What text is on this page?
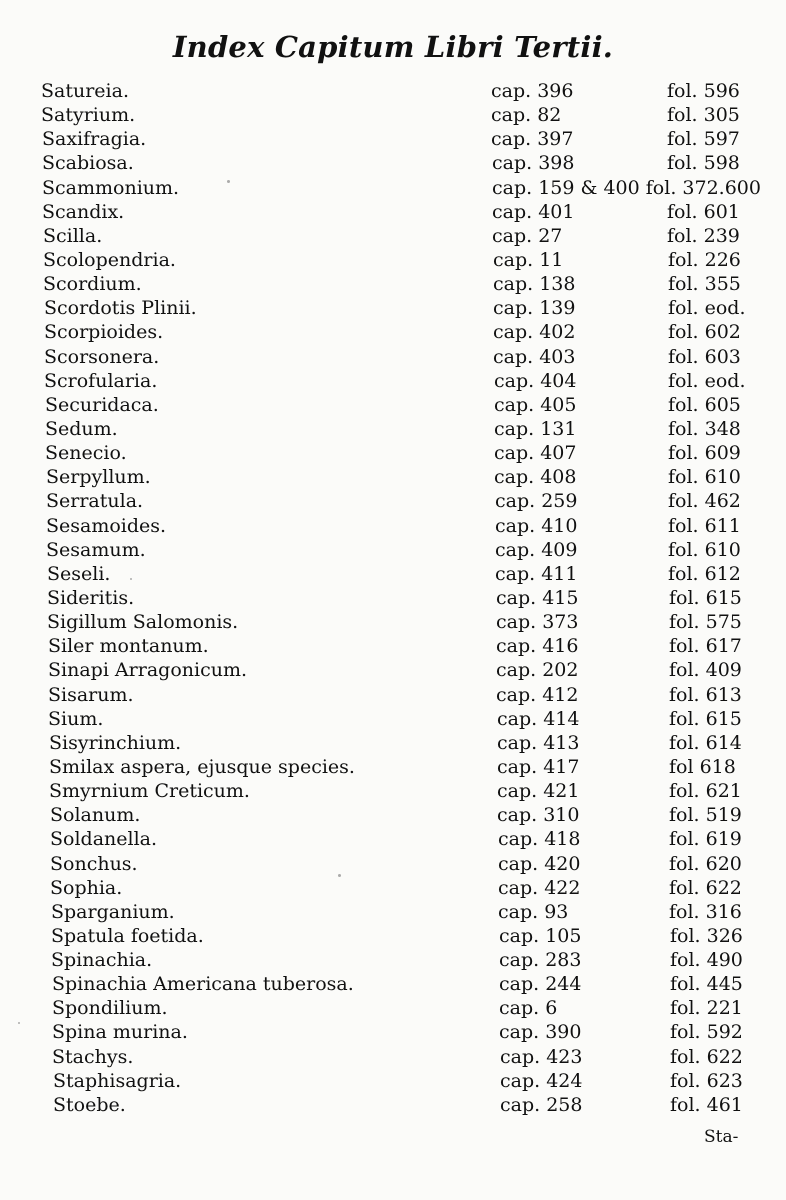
Index Capitum Libri Tertii.
Satureia.	cap. 396	fol. 596
Satyrium.	cap. 82	fol. 305
Saxifragia.	cap. 397	fol. 597
Scabiosa.	cap. 398	fol. 598
Scammonium.	cap. 159 & 400 fol. 372.600
Scandix.	cap. 401	fol. 601
Scilla.	cap. 27	fol. 239
Scolopendria.	cap. 11	fol. 226
Scordium.	cap. 138	fol. 355
Scordotis Plinii.	cap. 139	fol. eod.
Scorpioides.	cap. 402	fol. 602
Scorsonera.	cap. 403	fol. 603
Scrofularia.	cap. 404	fol. eod.
Securidaca.	cap. 405	fol. 605
Sedum.	cap. 131	fol. 348
Senecio.	cap. 407	fol. 609
Serpyllum.	cap. 408	fol. 610
Serratula.	cap. 259	fol. 462
Sesamoides.	cap. 410	fol. 611
Sesamum.	cap. 409	fol. 610
Seseli.	cap. 411	fol. 612
Sideritis.	cap. 415	fol. 615
Sigillum Salomonis.	cap. 373	fol. 575
Siler montanum.	cap. 416	fol. 617
Sinapi Arragonicum.	cap. 202	fol. 409
Sisarum.	cap. 412	fol. 613
Sium.	cap. 414	fol. 615
Sisyrinchium.	cap. 413	fol. 614
Smilax aspera, ejusque species.	cap. 417	fol 618
Smyrnium Creticum.	cap. 421	fol. 621
Solanum.	cap. 310	fol. 519
Soldanella.	cap. 418	fol. 619
Sonchus.	cap. 420	fol. 620
Sophia.	cap. 422	fol. 622
Sparganium.	cap. 93	fol. 316
Spatula foetida.	cap. 105	fol. 326
Spinachia.	cap. 283	fol. 490
Spinachia Americana tuberosa.	cap. 244	fol. 445
Spondilium.	cap. 6	fol. 221
Spina murina.	cap. 390	fol. 592
Stachys.	cap. 423	fol. 622
Staphisagria.	cap. 424	fol. 623
Stoebe.	cap. 258	fol. 461
Sta-
